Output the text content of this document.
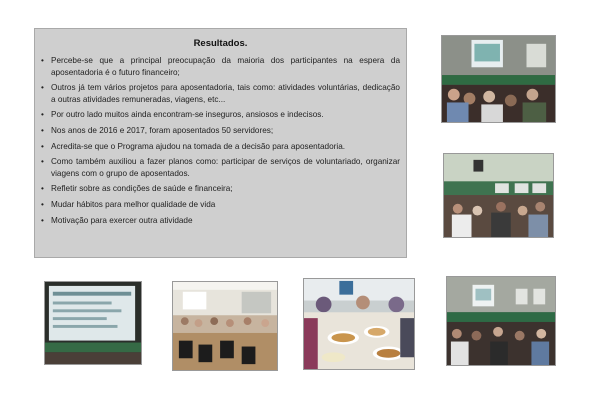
Resultados.
• Percebe-se que a principal preocupação da maioria dos participantes na espera da aposentadoria é o futuro financeiro;
• Outros já tem vários projetos para aposentadoria, tais como: atividades voluntárias, dedicação a outras atividades remuneradas, viagens, etc...
• Por outro lado muitos ainda encontram-se inseguros, ansiosos e indecisos.
• Nos anos de 2016 e 2017, foram aposentados 50 servidores;
• Acredita-se que o Programa ajudou na tomada de a decisão para aposentadoria.
• Como também auxiliou a fazer planos como: participar de serviços de voluntariado, organizar viagens com o grupo de aposentados.
• Refletir sobre as condições de saúde e financeira;
• Mudar hábitos para melhor qualidade de vida
• Motivação para exercer outra atividade
